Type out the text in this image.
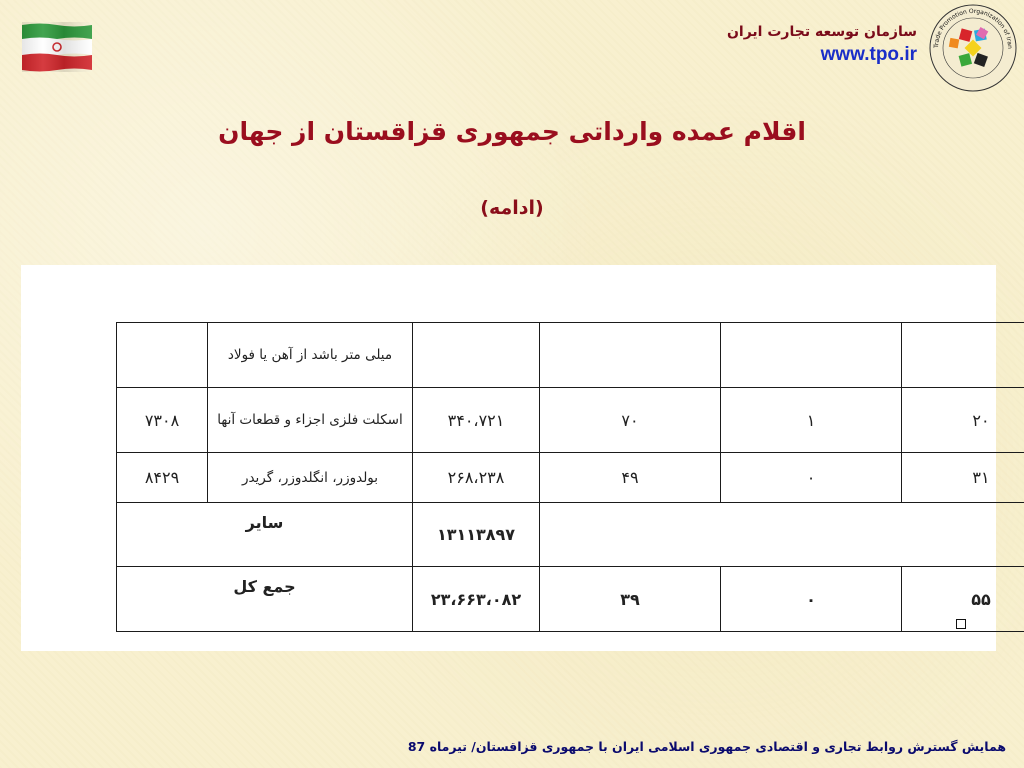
سازمان توسعه تجارت ایران
www.tpo.ir	Trade Promotion Organization of Iran
اقلام عمده وارداتی جمهوری قزاقستان از جهان
(ادامه)
				میلی متر باشد از آهن یا فولاد	
۲۰	۱	۷۰	۳۴۰،۷۲۱	اسکلت فلزی اجزاء و قطعات آنها	۷۳۰۸
۳۱	۰	۴۹	۲۶۸،۲۳۸	بولدوزر، انگلدوزر، گریدر	۸۴۲۹
			۱۳۱۱۳۸۹۷	سایر	
۵۵	۰	۳۹	۲۳،۶۶۳،۰۸۲	جمع کل	
همایش گسترش روابط تجاری و اقتصادی جمهوری اسلامی ایران با جمهوری قزاقستان/ تیرماه 87
